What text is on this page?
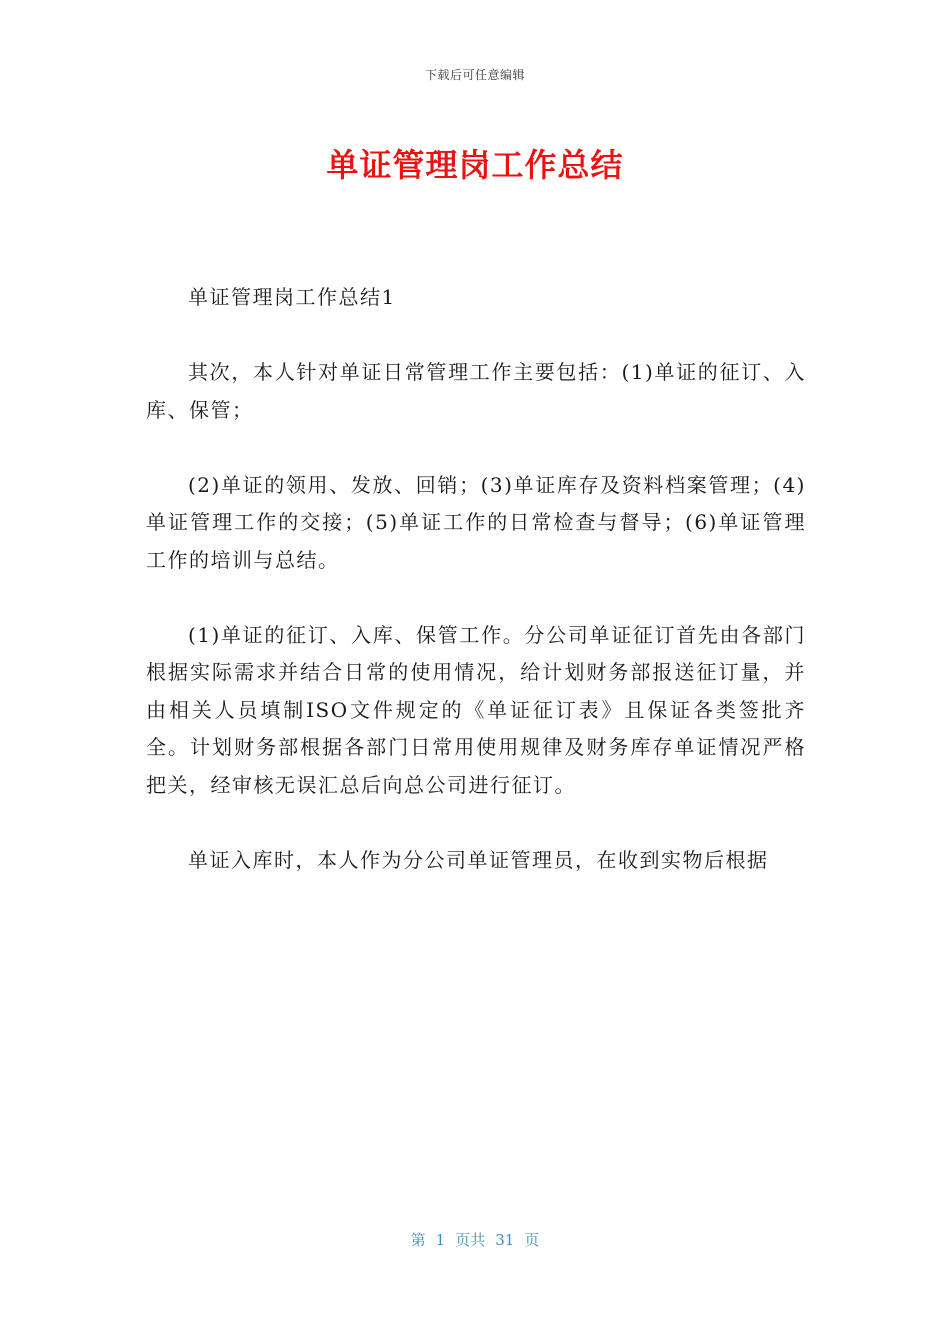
下载后可任意编辑
单证管理岗工作总结

单证管理岗工作总结1

其次，本人针对单证日常管理工作主要包括：(1)单证的征订、入库、保管；

(2)单证的领用、发放、回销；(3)单证库存及资料档案管理；(4)单证管理工作的交接；(5)单证工作的日常检查与督导；(6)单证管理工作的培训与总结。

(1)单证的征订、入库、保管工作。分公司单证征订首先由各部门根据实际需求并结合日常的使用情况，给计划财务部报送征订量，并由相关人员填制ISO文件规定的《单证征订表》且保证各类签批齐全。计划财务部根据各部门日常用使用规律及财务库存单证情况严格把关，经审核无误汇总后向总公司进行征订。

单证入库时，本人作为分公司单证管理员，在收到实物后根据

第 1 页共 31 页
